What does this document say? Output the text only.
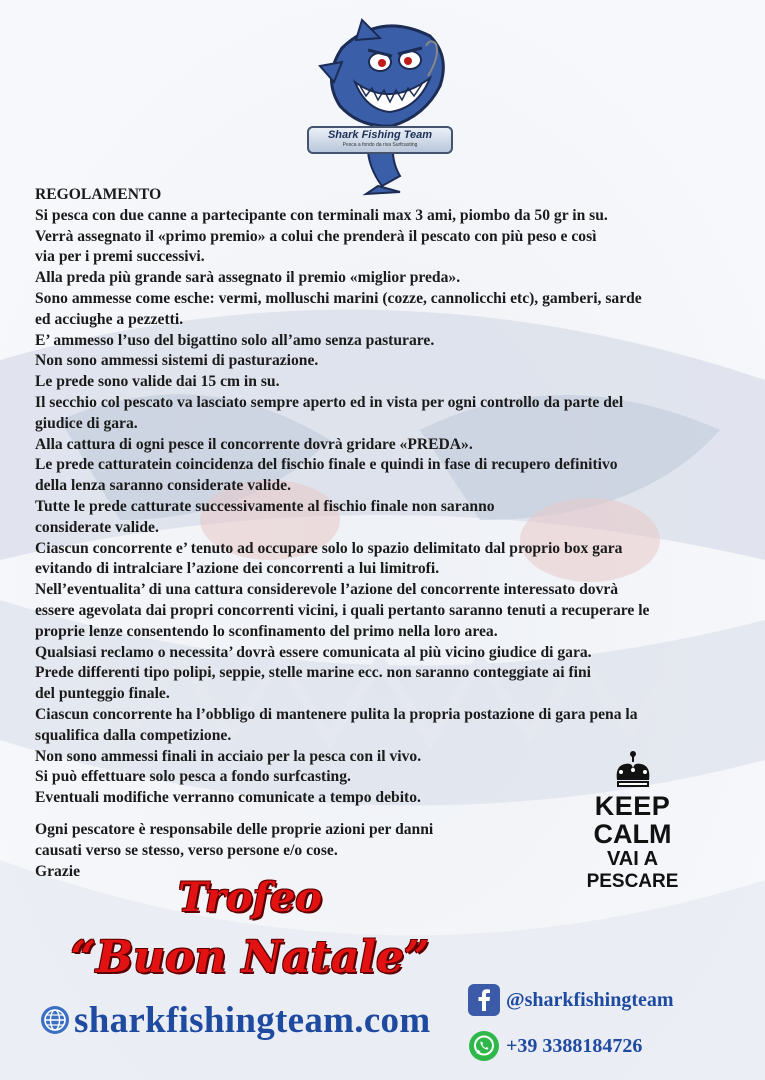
Shark Fishing Team
Pesca a fondo da riva Surfcasting
REGOLAMENTO
Si pesca con due canne a partecipante con terminali max 3 ami, piombo da 50 gr in su.
Verrà assegnato il «primo premio» a colui che prenderà il pescato con più peso e così
via per i premi successivi.
Alla preda più grande sarà assegnato il premio «miglior preda».
Sono ammesse come esche: vermi, molluschi marini (cozze, cannolicchi etc), gamberi, sarde
ed acciughe a pezzetti.
E’ ammesso l’uso del bigattino solo all’amo senza pasturare.
Non sono ammessi sistemi di pasturazione.
Le prede sono valide dai 15 cm in su.
Il secchio col pescato va lasciato sempre aperto ed in vista per ogni controllo da parte del
giudice di gara.
Alla cattura di ogni pesce il concorrente dovrà gridare «PREDA».
Le prede catturatein coincidenza del fischio finale e quindi in fase di recupero definitivo
della lenza saranno considerate valide.
Tutte le prede catturate successivamente al fischio finale non saranno
considerate valide.
Ciascun concorrente e’ tenuto ad occupare solo lo spazio delimitato dal proprio box gara
evitando di intralciare l’azione dei concorrenti a lui limitrofi.
Nell’eventualita’ di una cattura considerevole l’azione del concorrente interessato dovrà
essere agevolata dai propri concorrenti vicini, i quali pertanto saranno tenuti a recuperare le
proprie lenze consentendo lo sconfinamento del primo nella loro area.
Qualsiasi reclamo o necessita’ dovrà essere comunicata al più vicino giudice di gara.
Prede differenti tipo polipi, seppie, stelle marine ecc. non saranno conteggiate ai fini
del punteggio finale.
Ciascun concorrente ha l’obbligo di mantenere pulita la propria postazione di gara pena la
squalifica dalla competizione.
Non sono ammessi finali in acciaio per la pesca con il vivo.
Si può effettuare solo pesca a fondo surfcasting.
Eventuali modifiche verranno comunicate a tempo debito.
Ogni pescatore è responsabile delle proprie azioni per danni
causati verso se stesso, verso persone e/o cose.
Grazie
KEEP
CALM
VAI A
PESCARE
Trofeo
“Buon Natale”
sharkfishingteam.com	@sharkfishingteam
+39 3388184726
